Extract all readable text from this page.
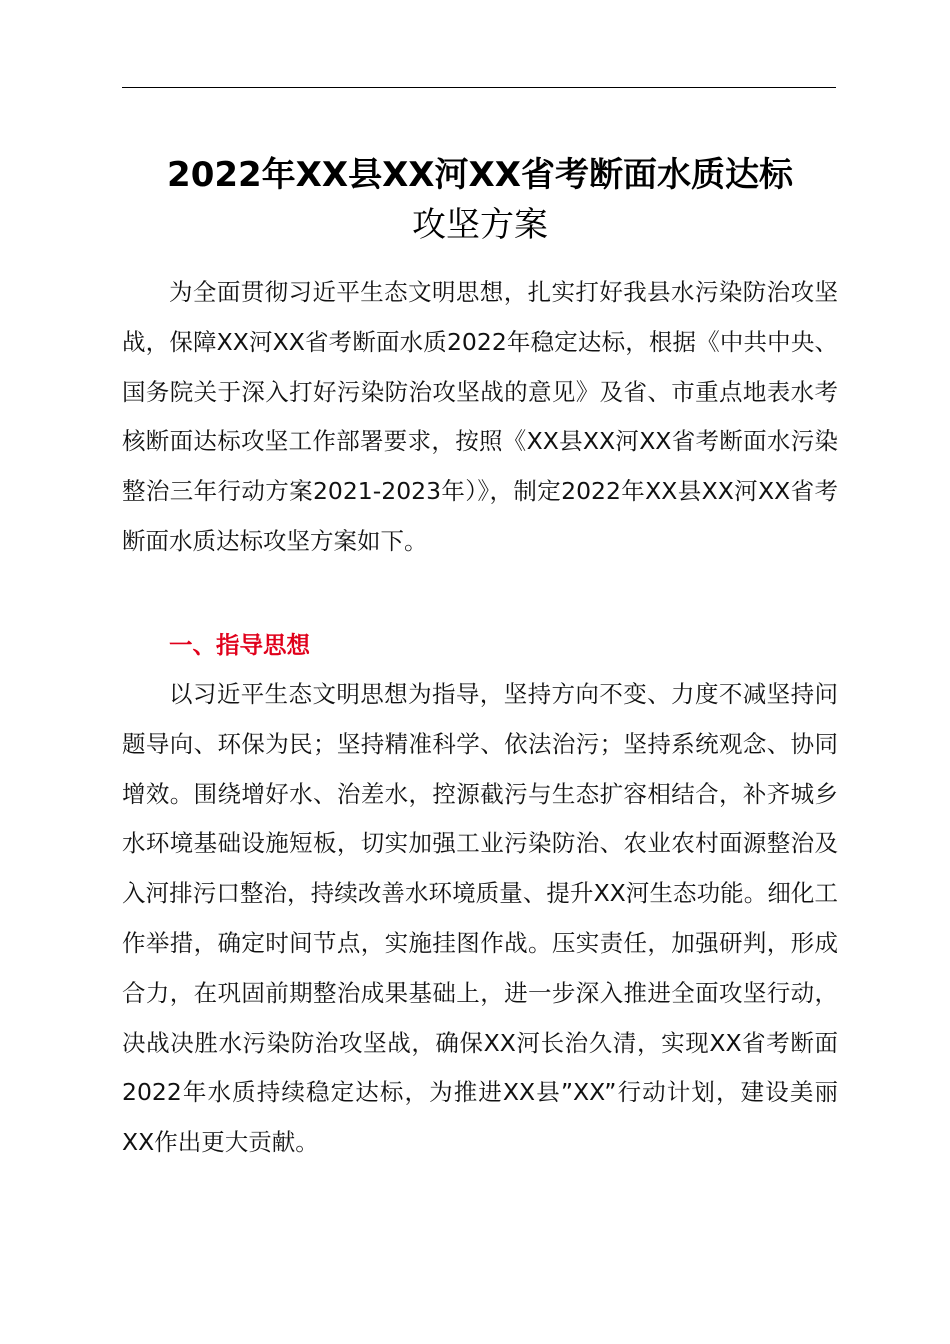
2022年XX县XX河XX省考断面水质达标
攻坚方案

为全面贯彻习近平生态文明思想，扎实打好我县水污染防治攻坚战，保障XX河XX省考断面水质2022年稳定达标，根据《中共中央、国务院关于深入打好污染防治攻坚战的意见》及省、市重点地表水考核断面达标攻坚工作部署要求，按照《XX县XX河XX省考断面水污染整治三年行动方案2021-2023年）》，制定2022年XX县XX河XX省考断面水质达标攻坚方案如下。

一、指导思想

以习近平生态文明思想为指导，坚持方向不变、力度不减坚持问题导向、环保为民；坚持精准科学、依法治污；坚持系统观念、协同增效。围绕增好水、治差水，控源截污与生态扩容相结合，补齐城乡水环境基础设施短板，切实加强工业污染防治、农业农村面源整治及入河排污口整治，持续改善水环境质量、提升XX河生态功能。细化工作举措，确定时间节点，实施挂图作战。压实责任，加强研判，形成合力，在巩固前期整治成果基础上，进一步深入推进全面攻坚行动，决战决胜水污染防治攻坚战，确保XX河长治久清，实现XX省考断面2022年水质持续稳定达标，为推进XX县”XX”行动计划，建设美丽XX作出更大贡献。
